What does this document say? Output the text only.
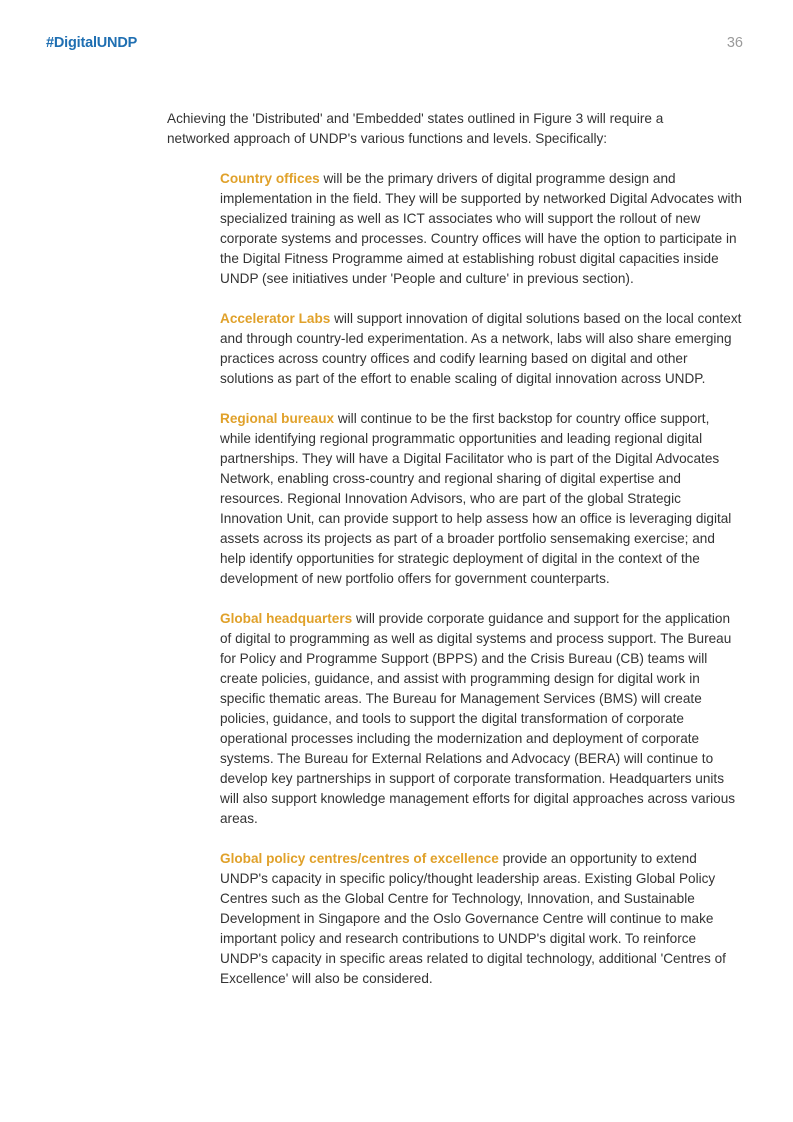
#DigitalUNDP	36

Achieving the 'Distributed' and 'Embedded' states outlined in Figure 3 will require a networked approach of UNDP's various functions and levels. Specifically:

Country offices will be the primary drivers of digital programme design and implementation in the field. They will be supported by networked Digital Advocates with specialized training as well as ICT associates who will support the rollout of new corporate systems and processes. Country offices will have the option to participate in the Digital Fitness Programme aimed at establishing robust digital capacities inside UNDP (see initiatives under 'People and culture' in previous section).

Accelerator Labs will support innovation of digital solutions based on the local context and through country-led experimentation. As a network, labs will also share emerging practices across country offices and codify learning based on digital and other solutions as part of the effort to enable scaling of digital innovation across UNDP.

Regional bureaux will continue to be the first backstop for country office support, while identifying regional programmatic opportunities and leading regional digital partnerships. They will have a Digital Facilitator who is part of the Digital Advocates Network, enabling cross-country and regional sharing of digital expertise and resources. Regional Innovation Advisors, who are part of the global Strategic Innovation Unit, can provide support to help assess how an office is leveraging digital assets across its projects as part of a broader portfolio sensemaking exercise; and help identify opportunities for strategic deployment of digital in the context of the development of new portfolio offers for government counterparts.

Global headquarters will provide corporate guidance and support for the application of digital to programming as well as digital systems and process support. The Bureau for Policy and Programme Support (BPPS) and the Crisis Bureau (CB) teams will create policies, guidance, and assist with programming design for digital work in specific thematic areas. The Bureau for Management Services (BMS) will create policies, guidance, and tools to support the digital transformation of corporate operational processes including the modernization and deployment of corporate systems. The Bureau for External Relations and Advocacy (BERA) will continue to develop key partnerships in support of corporate transformation. Headquarters units will also support knowledge management efforts for digital approaches across various areas.

Global policy centres/centres of excellence provide an opportunity to extend UNDP's capacity in specific policy/thought leadership areas. Existing Global Policy Centres such as the Global Centre for Technology, Innovation, and Sustainable Development in Singapore and the Oslo Governance Centre will continue to make important policy and research contributions to UNDP's digital work. To reinforce UNDP's capacity in specific areas related to digital technology, additional 'Centres of Excellence' will also be considered.
